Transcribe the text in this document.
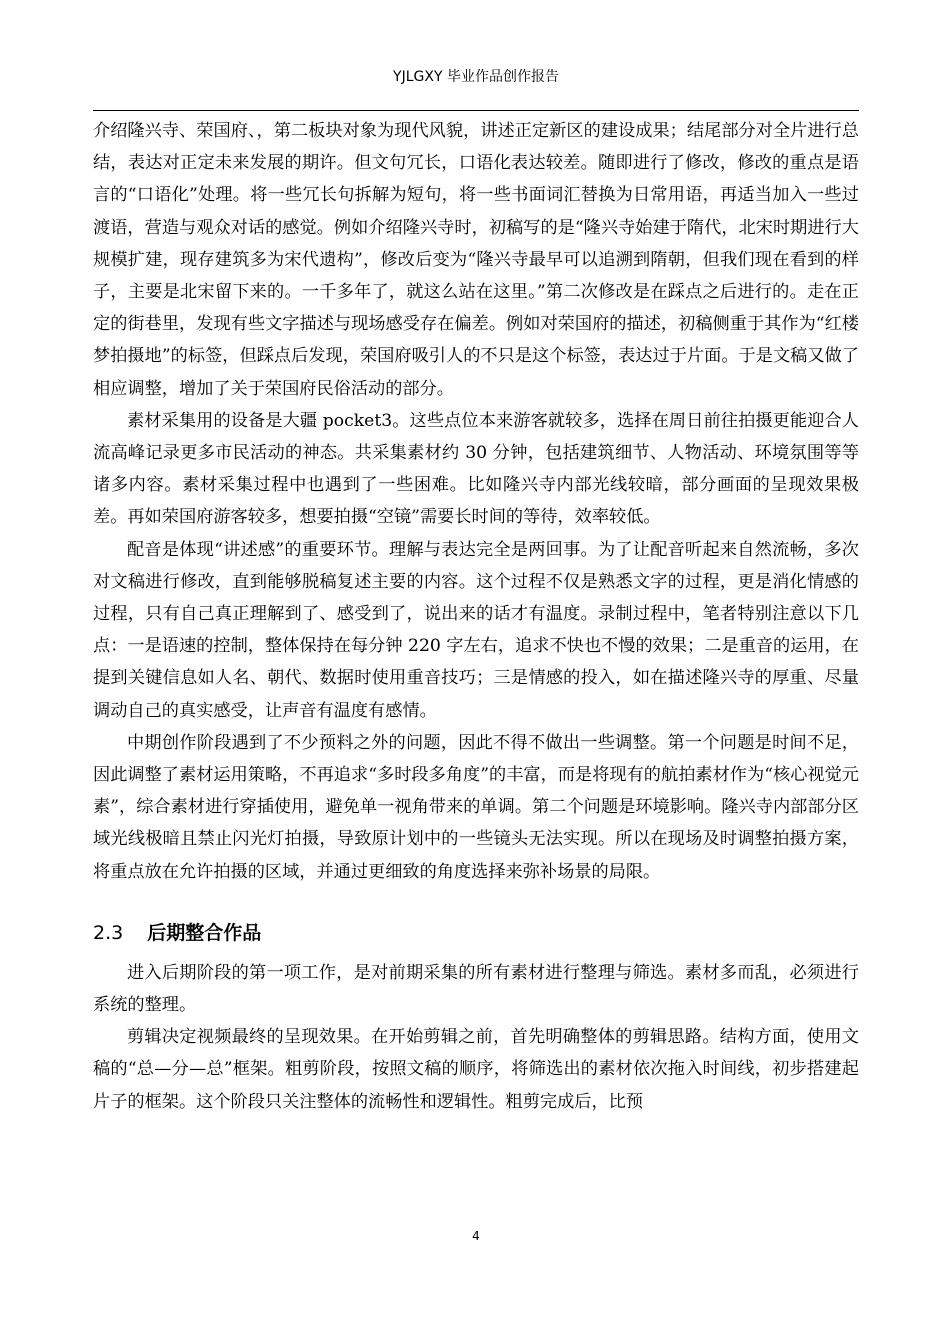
YJLGXY 毕业作品创作报告

介绍隆兴寺、荣国府、，第二板块对象为现代风貌，讲述正定新区的建设成果；结尾部分对全片进行总结，表达对正定未来发展的期许。但文句冗长，口语化表达较差。随即进行了修改，修改的重点是语言的“口语化”处理。将一些冗长句拆解为短句，将一些书面词汇替换为日常用语，再适当加入一些过渡语，营造与观众对话的感觉。例如介绍隆兴寺时，初稿写的是“隆兴寺始建于隋代，北宋时期进行大规模扩建，现存建筑多为宋代遗构”，修改后变为“隆兴寺最早可以追溯到隋朝，但我们现在看到的样子，主要是北宋留下来的。一千多年了，就这么站在这里。”第二次修改是在踩点之后进行的。走在正定的街巷里，发现有些文字描述与现场感受存在偏差。例如对荣国府的描述，初稿侧重于其作为“红楼梦拍摄地”的标签，但踩点后发现，荣国府吸引人的不只是这个标签，表达过于片面。于是文稿又做了相应调整，增加了关于荣国府民俗活动的部分。

素材采集用的设备是大疆 pocket3。这些点位本来游客就较多，选择在周日前往拍摄更能迎合人流高峰记录更多市民活动的神态。共采集素材约 30 分钟，包括建筑细节、人物活动、环境氛围等等诸多内容。素材采集过程中也遇到了一些困难。比如隆兴寺内部光线较暗，部分画面的呈现效果极差。再如荣国府游客较多，想要拍摄“空镜”需要长时间的等待，效率较低。

配音是体现“讲述感”的重要环节。理解与表达完全是两回事。为了让配音听起来自然流畅，多次对文稿进行修改，直到能够脱稿复述主要的内容。这个过程不仅是熟悉文字的过程，更是消化情感的过程，只有自己真正理解到了、感受到了，说出来的话才有温度。录制过程中，笔者特别注意以下几点：一是语速的控制，整体保持在每分钟 220 字左右，追求不快也不慢的效果；二是重音的运用，在提到关键信息如人名、朝代、数据时使用重音技巧；三是情感的投入，如在描述隆兴寺的厚重、尽量调动自己的真实感受，让声音有温度有感情。

中期创作阶段遇到了不少预料之外的问题，因此不得不做出一些调整。第一个问题是时间不足，因此调整了素材运用策略，不再追求“多时段多角度”的丰富，而是将现有的航拍素材作为“核心视觉元素”，综合素材进行穿插使用，避免单一视角带来的单调。第二个问题是环境影响。隆兴寺内部部分区域光线极暗且禁止闪光灯拍摄，导致原计划中的一些镜头无法实现。所以在现场及时调整拍摄方案，将重点放在允许拍摄的区域，并通过更细致的角度选择来弥补场景的局限。

2.3 后期整合作品

进入后期阶段的第一项工作，是对前期采集的所有素材进行整理与筛选。素材多而乱，必须进行系统的整理。

剪辑决定视频最终的呈现效果。在开始剪辑之前，首先明确整体的剪辑思路。结构方面，使用文稿的“总—分—总”框架。粗剪阶段，按照文稿的顺序，将筛选出的素材依次拖入时间线，初步搭建起片子的框架。这个阶段只关注整体的流畅性和逻辑性。粗剪完成后，比预

4
